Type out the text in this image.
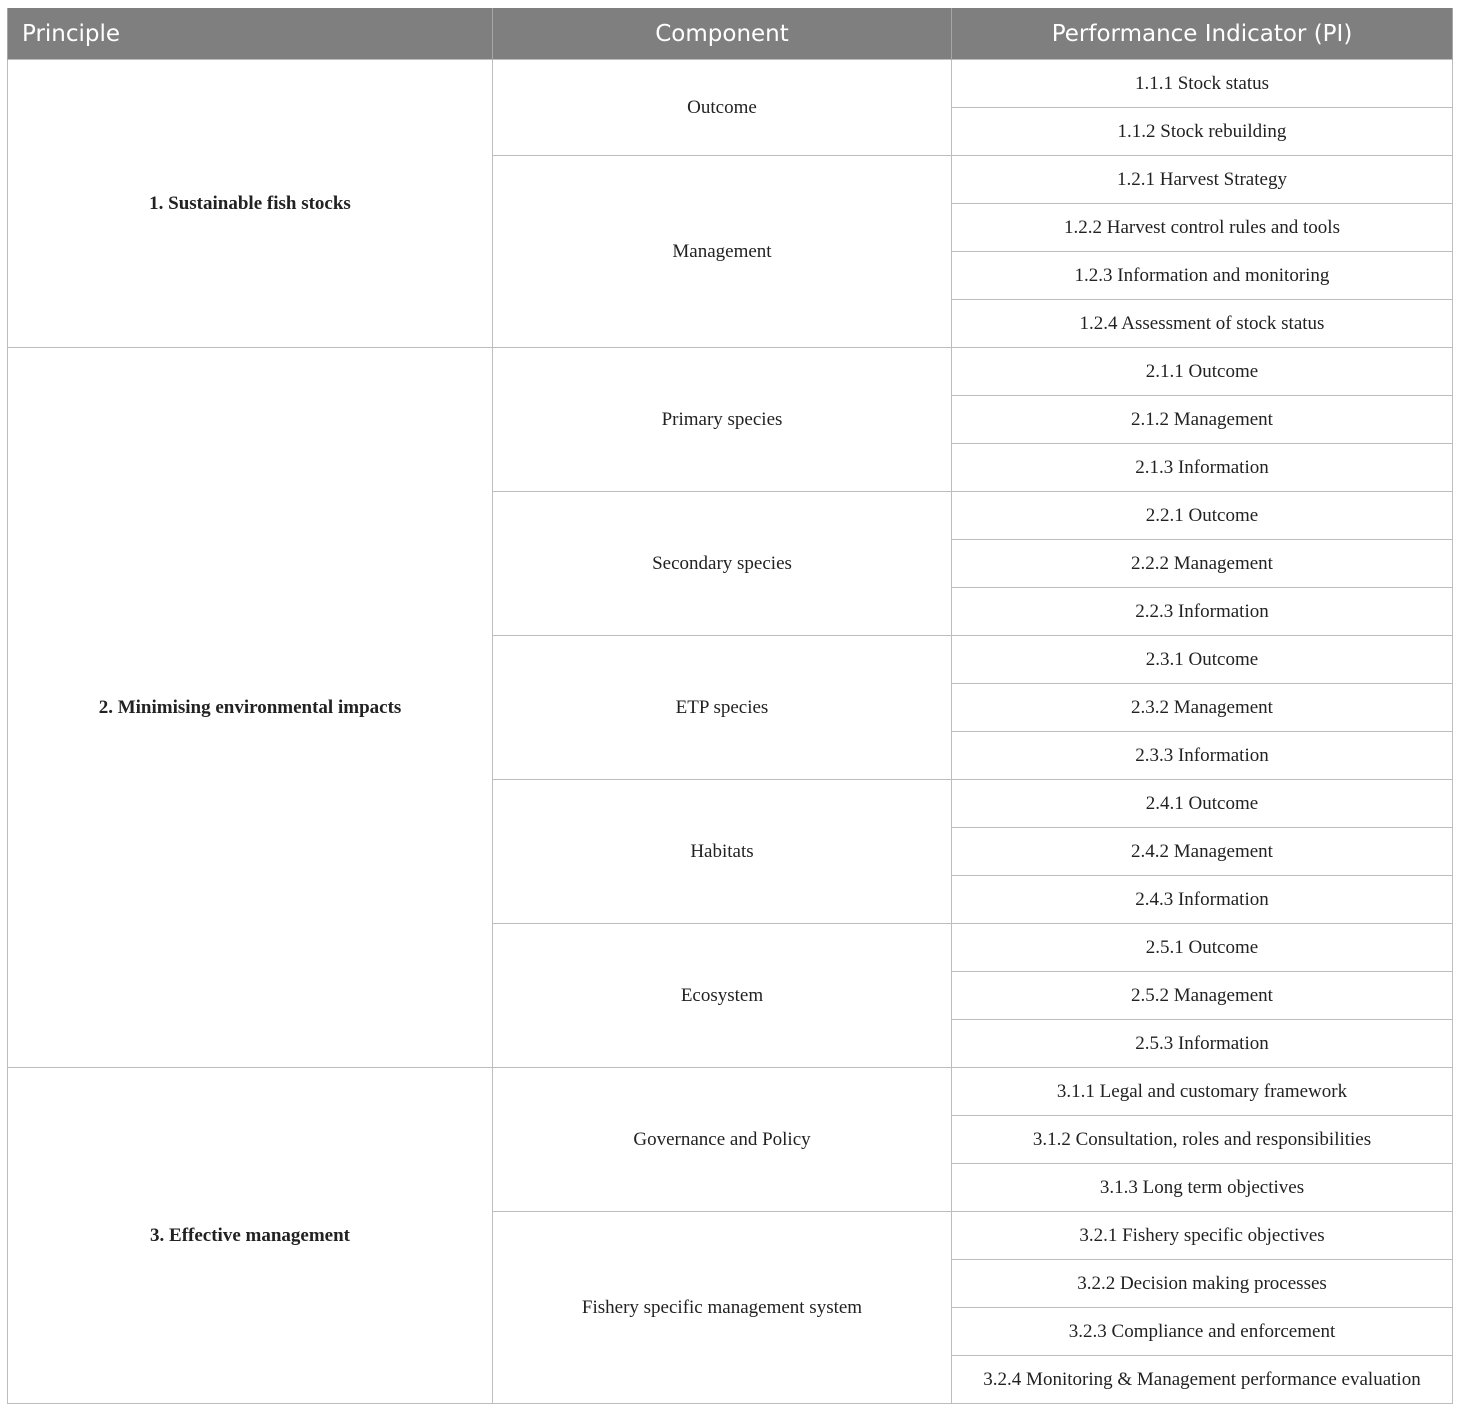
Principle	Component	Performance Indicator (PI)
1. Sustainable fish stocks	Outcome	1.1.1 Stock status
		1.1.2 Stock rebuilding
	Management	1.2.1 Harvest Strategy
		1.2.2 Harvest control rules and tools
		1.2.3 Information and monitoring
		1.2.4 Assessment of stock status
2. Minimising environmental impacts	Primary species	2.1.1 Outcome
		2.1.2 Management
		2.1.3 Information
	Secondary species	2.2.1 Outcome
		2.2.2 Management
		2.2.3 Information
	ETP species	2.3.1 Outcome
		2.3.2 Management
		2.3.3 Information
	Habitats	2.4.1 Outcome
		2.4.2 Management
		2.4.3 Information
	Ecosystem	2.5.1 Outcome
		2.5.2 Management
		2.5.3 Information
3. Effective management	Governance and Policy	3.1.1 Legal and customary framework
		3.1.2 Consultation, roles and responsibilities
		3.1.3 Long term objectives
	Fishery specific management system	3.2.1 Fishery specific objectives
		3.2.2 Decision making processes
		3.2.3 Compliance and enforcement
		3.2.4 Monitoring & Management performance evaluation
